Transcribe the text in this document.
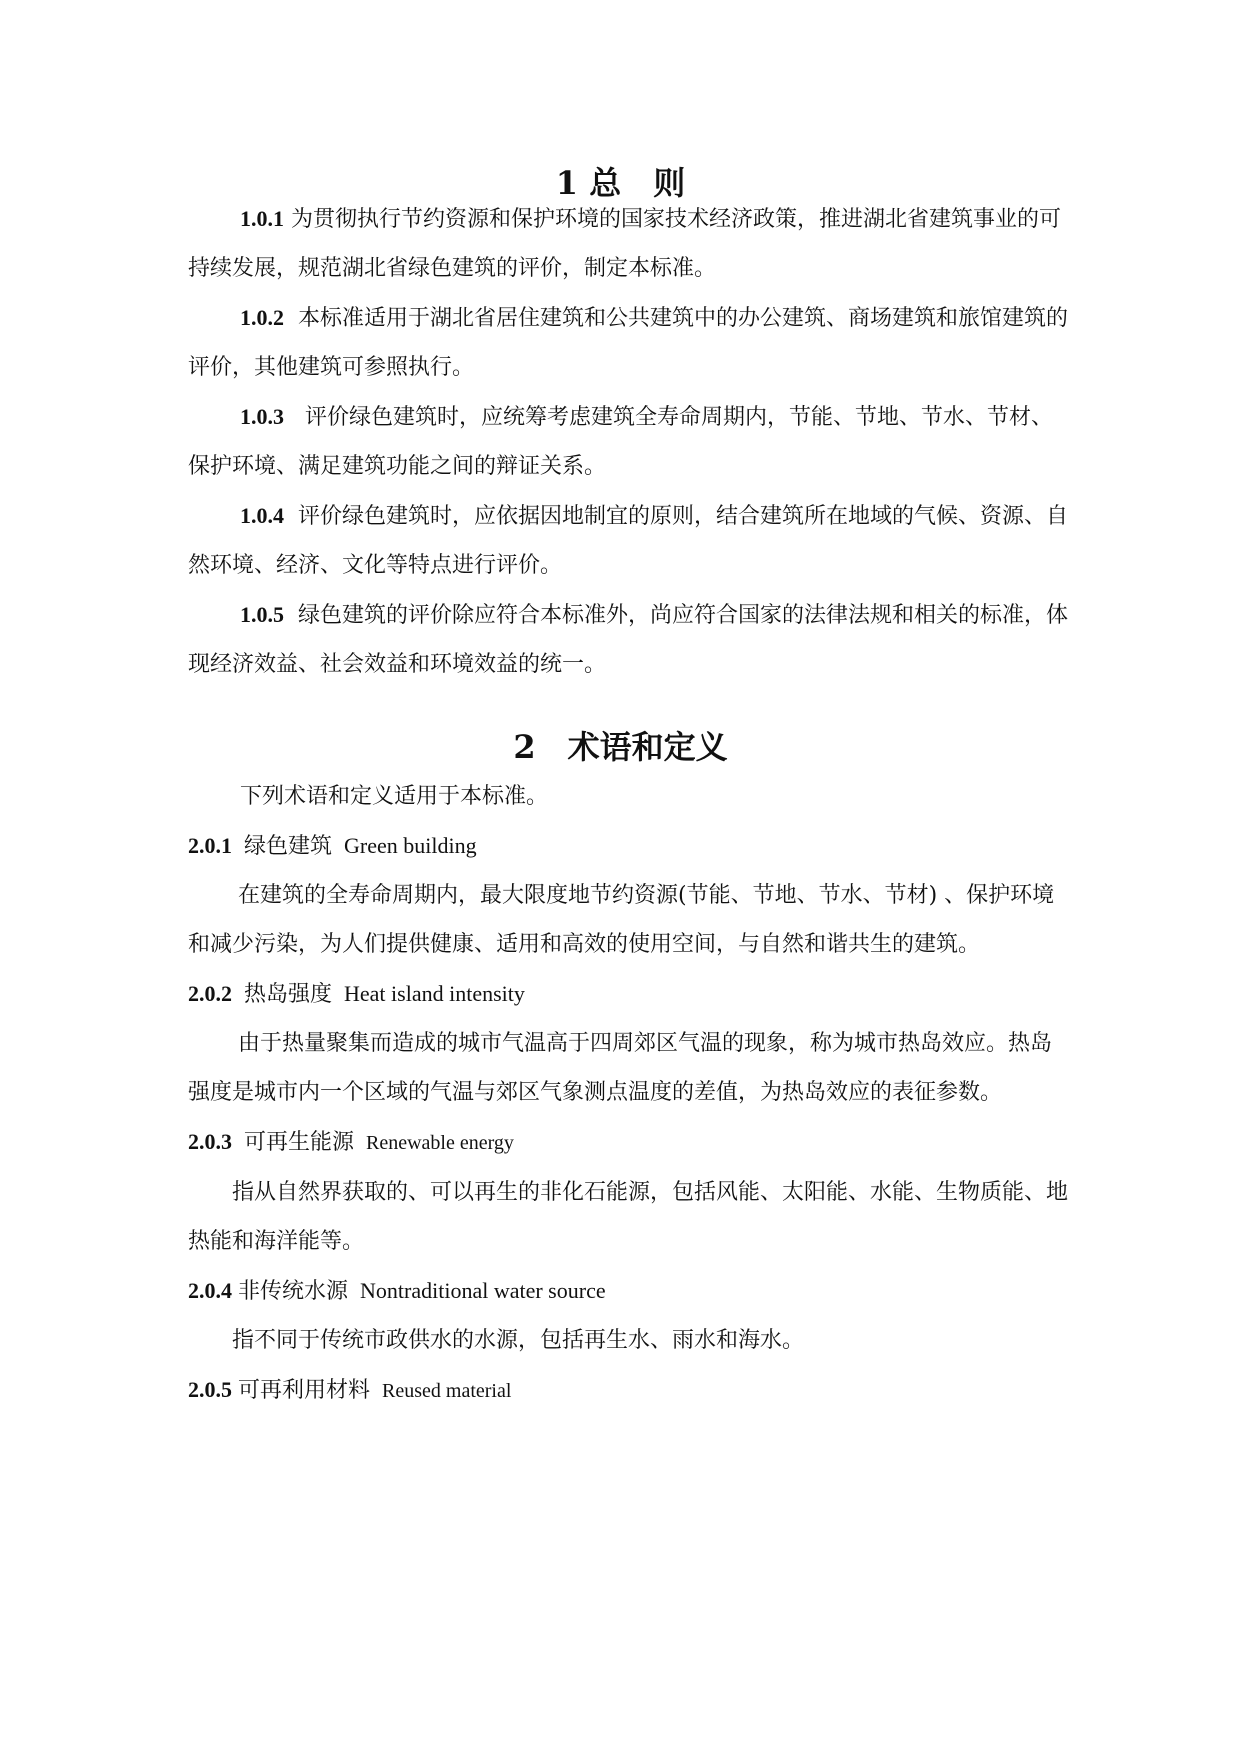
1 总　则
1.0.1 为贯彻执行节约资源和保护环境的国家技术经济政策，推进湖北省建筑事业的可持续发展，规范湖北省绿色建筑的评价，制定本标准。
1.0.2 本标准适用于湖北省居住建筑和公共建筑中的办公建筑、商场建筑和旅馆建筑的评价，其他建筑可参照执行。
1.0.3 评价绿色建筑时，应统筹考虑建筑全寿命周期内，节能、节地、节水、节材、保护环境、满足建筑功能之间的辩证关系。
1.0.4 评价绿色建筑时，应依据因地制宜的原则，结合建筑所在地域的气候、资源、自然环境、经济、文化等特点进行评价。
1.0.5 绿色建筑的评价除应符合本标准外，尚应符合国家的法律法规和相关的标准，体现经济效益、社会效益和环境效益的统一。
2　术语和定义
下列术语和定义适用于本标准。
2.0.1 绿色建筑 Green building
在建筑的全寿命周期内，最大限度地节约资源(节能、节地、节水、节材) 、保护环境和减少污染，为人们提供健康、适用和高效的使用空间，与自然和谐共生的建筑。
2.0.2 热岛强度 Heat island intensity
由于热量聚集而造成的城市气温高于四周郊区气温的现象，称为城市热岛效应。热岛强度是城市内一个区域的气温与郊区气象测点温度的差值，为热岛效应的表征参数。
2.0.3 可再生能源 Renewable energy
指从自然界获取的、可以再生的非化石能源，包括风能、太阳能、水能、生物质能、地热能和海洋能等。
2.0.4 非传统水源 Nontraditional water source
指不同于传统市政供水的水源，包括再生水、雨水和海水。
2.0.5 可再利用材料 Reused material
